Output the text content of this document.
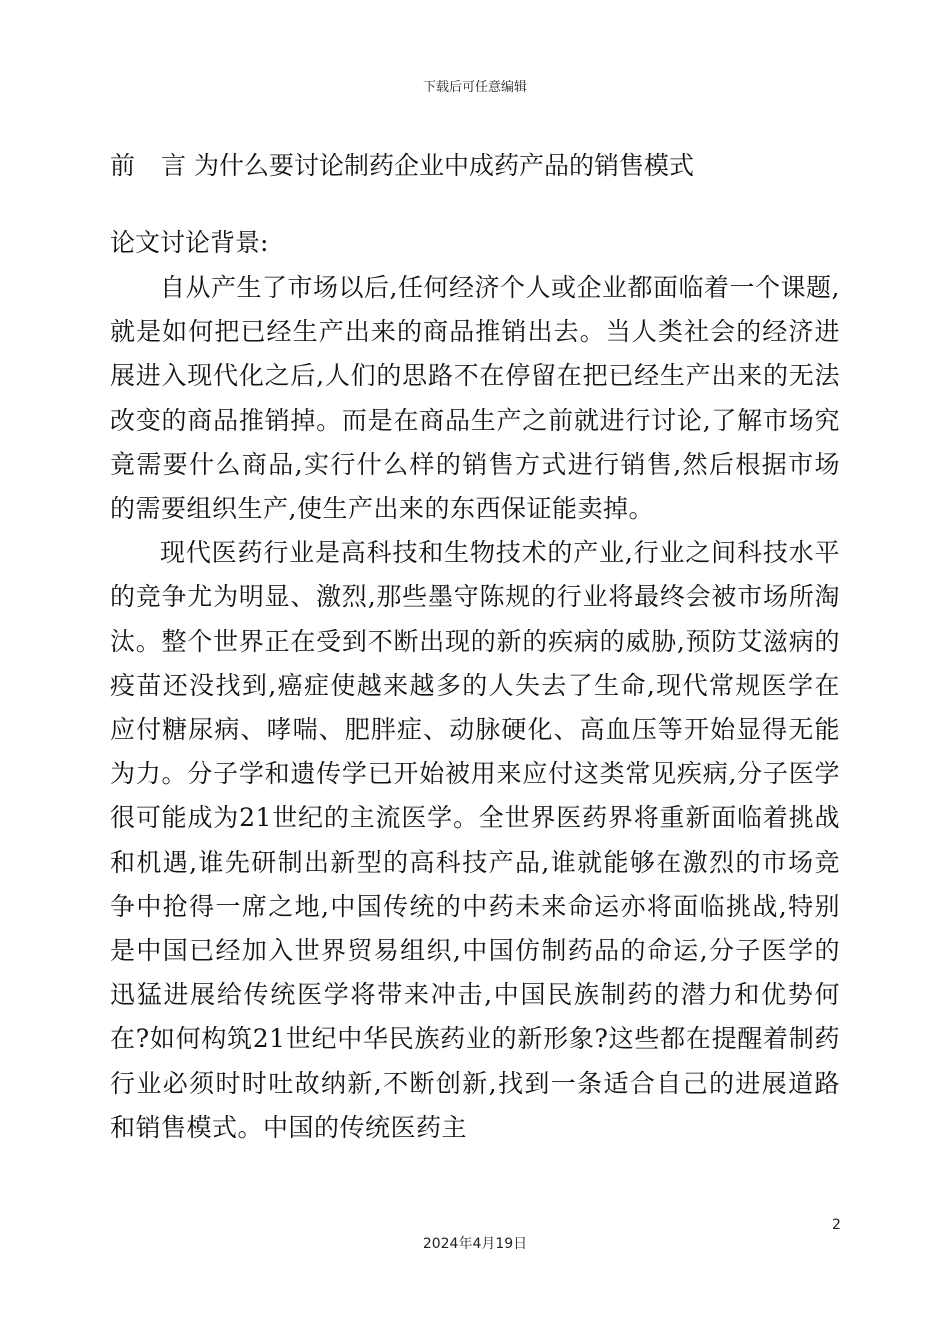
下载后可任意编辑
前 言 为什么要讨论制药企业中成药产品的销售模式
论文讨论背景:

自从产生了市场以后,任何经济个人或企业都面临着一个课题,就是如何把已经生产出来的商品推销出去。当人类社会的经济进展进入现代化之后,人们的思路不在停留在把已经生产出来的无法改变的商品推销掉。而是在商品生产之前就进行讨论,了解市场究竟需要什么商品,实行什么样的销售方式进行销售,然后根据市场的需要组织生产,使生产出来的东西保证能卖掉。

现代医药行业是高科技和生物技术的产业,行业之间科技水平的竞争尤为明显、激烈,那些墨守陈规的行业将最终会被市场所淘汰。整个世界正在受到不断出现的新的疾病的威胁,预防艾滋病的疫苗还没找到,癌症使越来越多的人失去了生命,现代常规医学在应付糖尿病、哮喘、肥胖症、动脉硬化、高血压等开始显得无能为力。分子学和遗传学已开始被用来应付这类常见疾病,分子医学很可能成为21世纪的主流医学。全世界医药界将重新面临着挑战和机遇,谁先研制出新型的高科技产品,谁就能够在激烈的市场竞争中抢得一席之地,中国传统的中药未来命运亦将面临挑战,特别是中国已经加入世界贸易组织,中国仿制药品的命运,分子医学的迅猛进展给传统医学将带来冲击,中国民族制药的潜力和优势何在?如何构筑21世纪中华民族药业的新形象?这些都在提醒着制药行业必须时时吐故纳新,不断创新,找到一条适合自己的进展道路和销售模式。中国的传统医药主

2
2024年4月19日
